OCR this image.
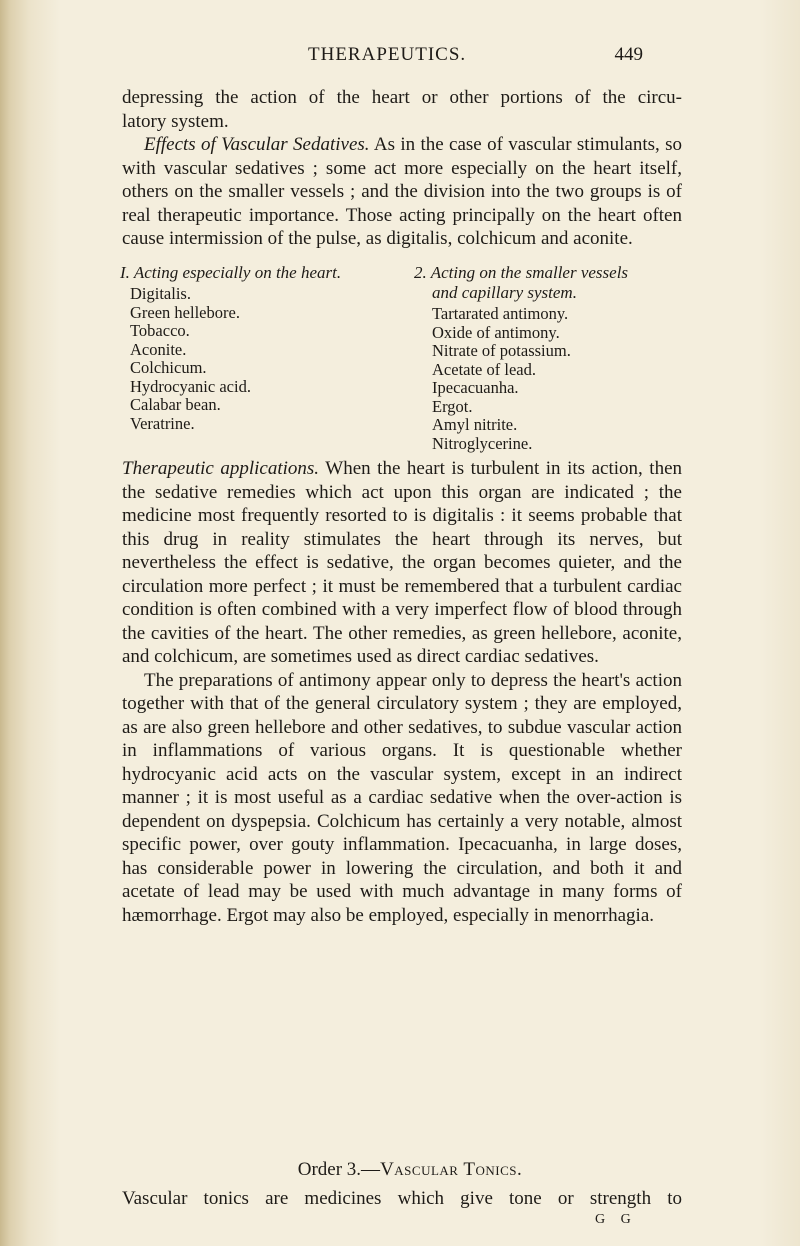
THERAPEUTICS.	449

depressing the action of the heart or other portions of the circu-

latory system.

Effects of Vascular Sedatives. As in the case of vascular stimulants, so with vascular sedatives ; some act more especially on the heart itself, others on the smaller vessels ; and the division into the two groups is of real therapeutic importance. Those acting principally on the heart often cause intermission of the pulse, as digitalis, colchicum and aconite.

I. Acting especially on the heart.
Digitalis.
Green hellebore.
Tobacco.
Aconite.
Colchicum.
Hydrocyanic acid.
Calabar bean.
Veratrine.
2. Acting on the smaller vessels
and capillary system.
Tartarated antimony.
Oxide of antimony.
Nitrate of potassium.
Acetate of lead.
Ipecacuanha.
Ergot.
Amyl nitrite.
Nitroglycerine.

Therapeutic applications. When the heart is turbulent in its action, then the sedative remedies which act upon this organ are indicated ; the medicine most frequently resorted to is digitalis : it seems probable that this drug in reality stimulates the heart through its nerves, but nevertheless the effect is sedative, the organ becomes quieter, and the circulation more perfect ; it must be remembered that a turbulent cardiac condition is often combined with a very imperfect flow of blood through the cavities of the heart. The other remedies, as green hellebore, aconite, and colchicum, are sometimes used as direct cardiac sedatives.

The preparations of antimony appear only to depress the heart's action together with that of the general circulatory system ; they are employed, as are also green hellebore and other sedatives, to subdue vascular action in inflammations of various organs. It is questionable whether hydrocyanic acid acts on the vascular system, except in an indirect manner ; it is most useful as a cardiac sedative when the over-action is dependent on dyspepsia. Colchicum has certainly a very notable, almost specific power, over gouty inflammation. Ipecacuanha, in large doses, has considerable power in lowering the circulation, and both it and acetate of lead may be used with much advantage in many forms of hæmorrhage. Ergot may also be employed, especially in menorrhagia.

Order 3.—Vascular Tonics.
Vascular tonics are medicines which give tone or strength to
G G
